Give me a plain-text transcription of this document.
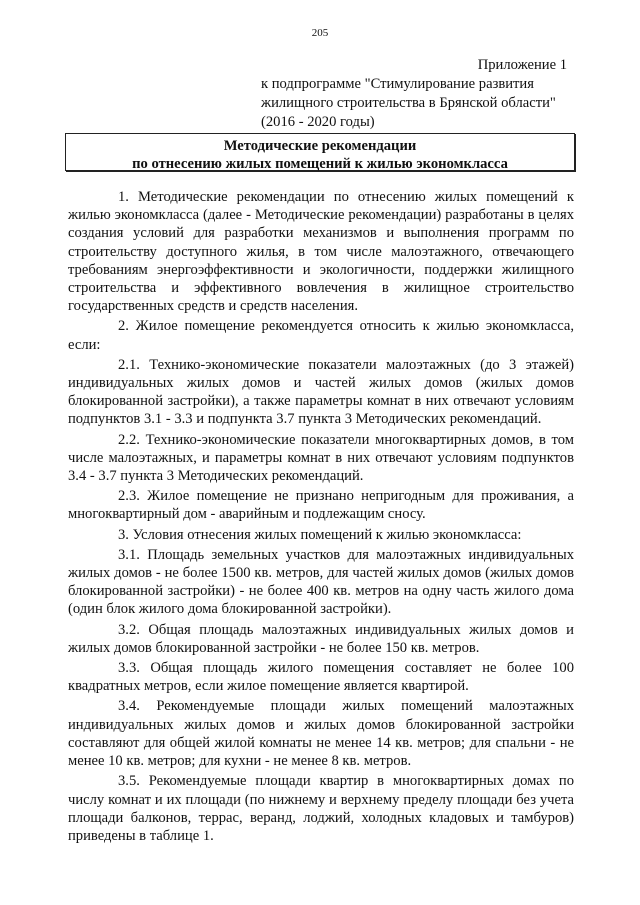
205
Приложение 1
к подпрограмме "Стимулирование развития
жилищного строительства в Брянской области"
(2016 - 2020 годы)
Методические рекомендации
по отнесению жилых помещений к жилью экономкласса

1. Методические рекомендации по отнесению жилых помещений к жилью экономкласса (далее - Методические рекомендации) разработаны в целях создания условий для разработки механизмов и выполнения программ по строительству доступного жилья, в том числе малоэтажного, отвечающего требованиям энергоэффективности и экологичности, поддержки жилищного строительства и эффективного вовлечения в жилищное строительство государственных средств и средств населения.

2. Жилое помещение рекомендуется относить к жилью экономкласса, если:

2.1. Технико-экономические показатели малоэтажных (до 3 этажей) индивидуальных жилых домов и частей жилых домов (жилых домов блокированной застройки), а также параметры комнат в них отвечают условиям подпунктов 3.1 - 3.3 и подпункта 3.7 пункта 3 Методических рекомендаций.

2.2. Технико-экономические показатели многоквартирных домов, в том числе малоэтажных, и параметры комнат в них отвечают условиям подпунктов 3.4 - 3.7 пункта 3 Методических рекомендаций.

2.3. Жилое помещение не признано непригодным для проживания, а многоквартирный дом - аварийным и подлежащим сносу.

3. Условия отнесения жилых помещений к жилью экономкласса:

3.1. Площадь земельных участков для малоэтажных индивидуальных жилых домов - не более 1500 кв. метров, для частей жилых домов (жилых домов блокированной застройки) - не более 400 кв. метров на одну часть жилого дома (один блок жилого дома блокированной застройки).

3.2. Общая площадь малоэтажных индивидуальных жилых домов и жилых домов блокированной застройки - не более 150 кв. метров.

3.3. Общая площадь жилого помещения составляет не более 100 квадратных метров, если жилое помещение является квартирой.

3.4. Рекомендуемые площади жилых помещений малоэтажных индивидуальных жилых домов и жилых домов блокированной застройки составляют для общей жилой комнаты не менее 14 кв. метров; для спальни - не менее 10 кв. метров; для кухни - не менее 8 кв. метров.

3.5. Рекомендуемые площади квартир в многоквартирных домах по числу комнат и их площади (по нижнему и верхнему пределу площади без учета площади балконов, террас, веранд, лоджий, холодных кладовых и тамбуров) приведены в таблице 1.
